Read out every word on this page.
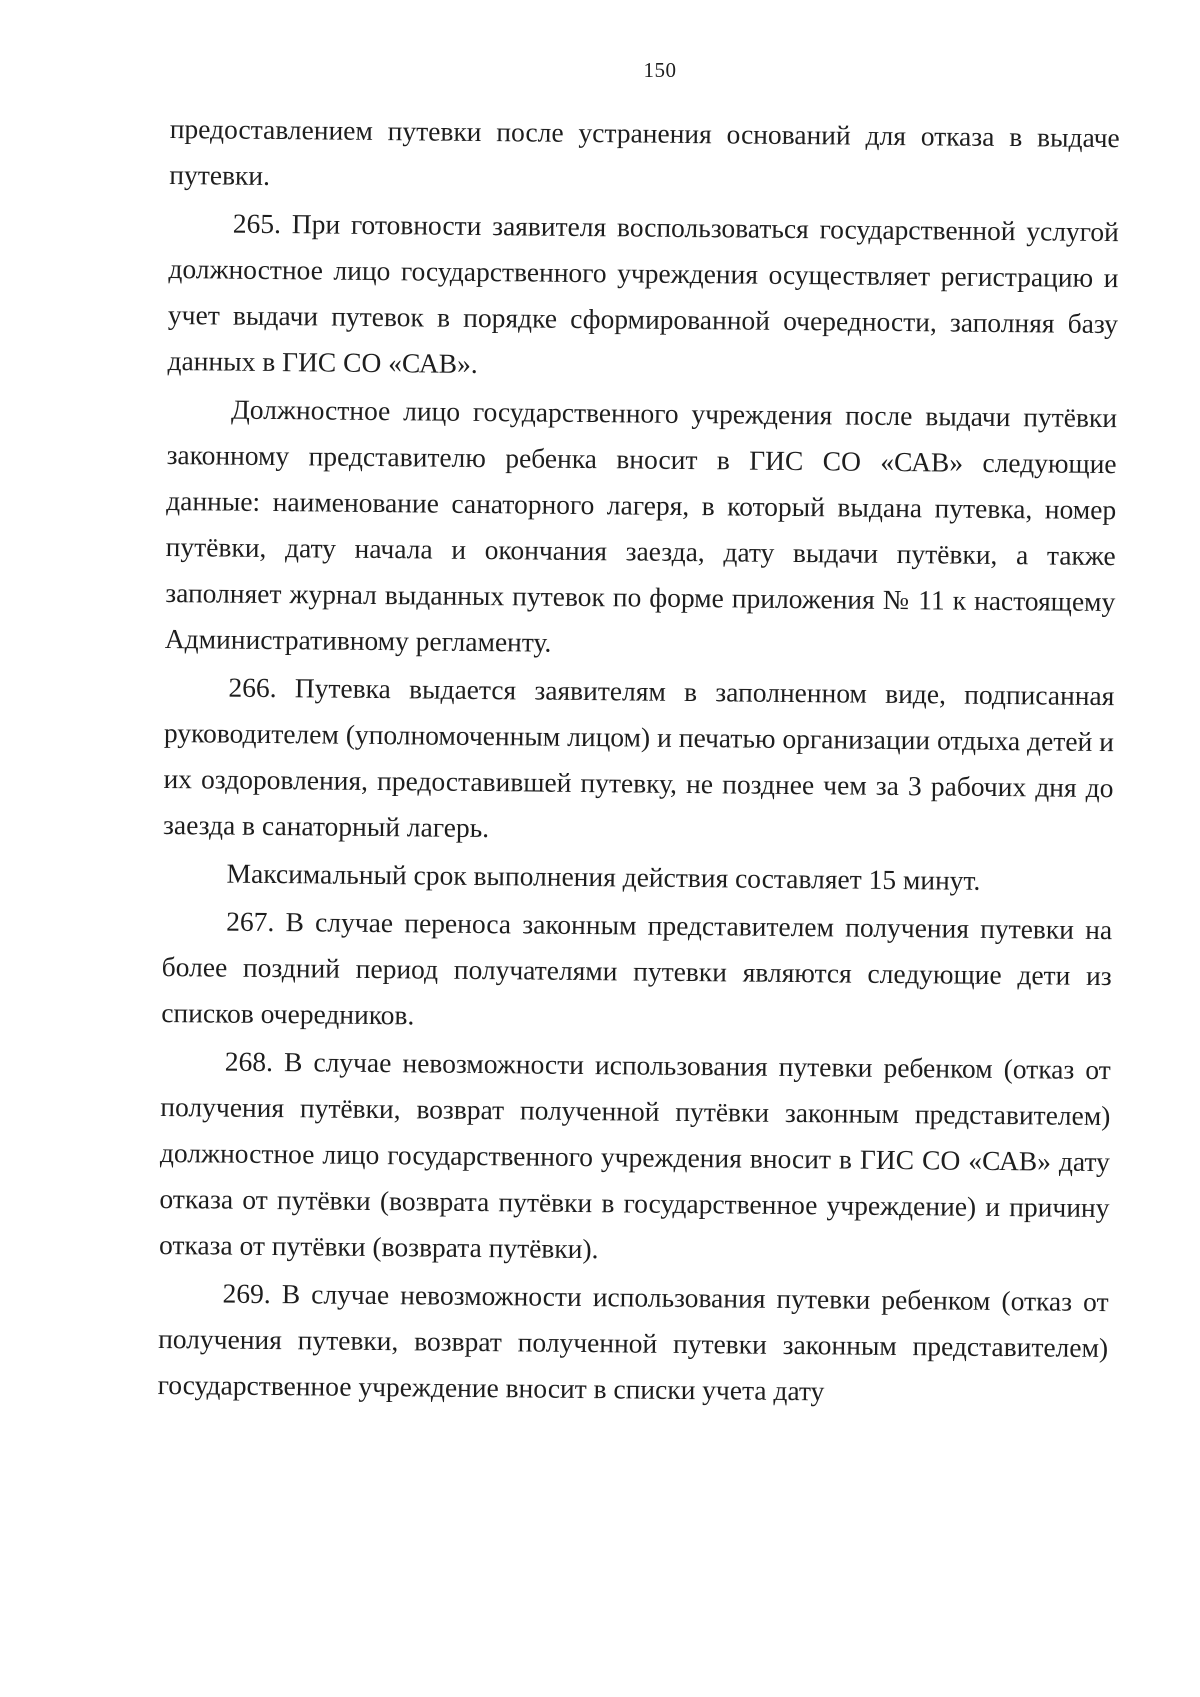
150

предоставлением путевки после устранения оснований для отказа в выдаче путевки.

265. При готовности заявителя воспользоваться государственной услугой должностное лицо государственного учреждения осуществляет регистрацию и учет выдачи путевок в порядке сформированной очередности, заполняя базу данных в ГИС СО «САВ».

Должностное лицо государственного учреждения после выдачи путёвки законному представителю ребенка вносит в ГИС СО «САВ» следующие данные: наименование санаторного лагеря, в который выдана путевка, номер путёвки, дату начала и окончания заезда, дату выдачи путёвки, а также заполняет журнал выданных путевок по форме приложения № 11 к настоящему Административному регламенту.

266. Путевка выдается заявителям в заполненном виде, подписанная руководителем (уполномоченным лицом) и печатью организации отдыха детей и их оздоровления, предоставившей путевку, не позднее чем за 3 рабочих дня до заезда в санаторный лагерь.

Максимальный срок выполнения действия составляет 15 минут.

267. В случае переноса законным представителем получения путевки на более поздний период получателями путевки являются следующие дети из списков очередников.

268. В случае невозможности использования путевки ребенком (отказ от получения путёвки, возврат полученной путёвки законным представителем) должностное лицо государственного учреждения вносит в ГИС СО «САВ» дату отказа от путёвки (возврата путёвки в государственное учреждение) и причину отказа от путёвки (возврата путёвки).

269. В случае невозможности использования путевки ребенком (отказ от получения путевки, возврат полученной путевки законным представителем) государственное учреждение вносит в списки учета дату
